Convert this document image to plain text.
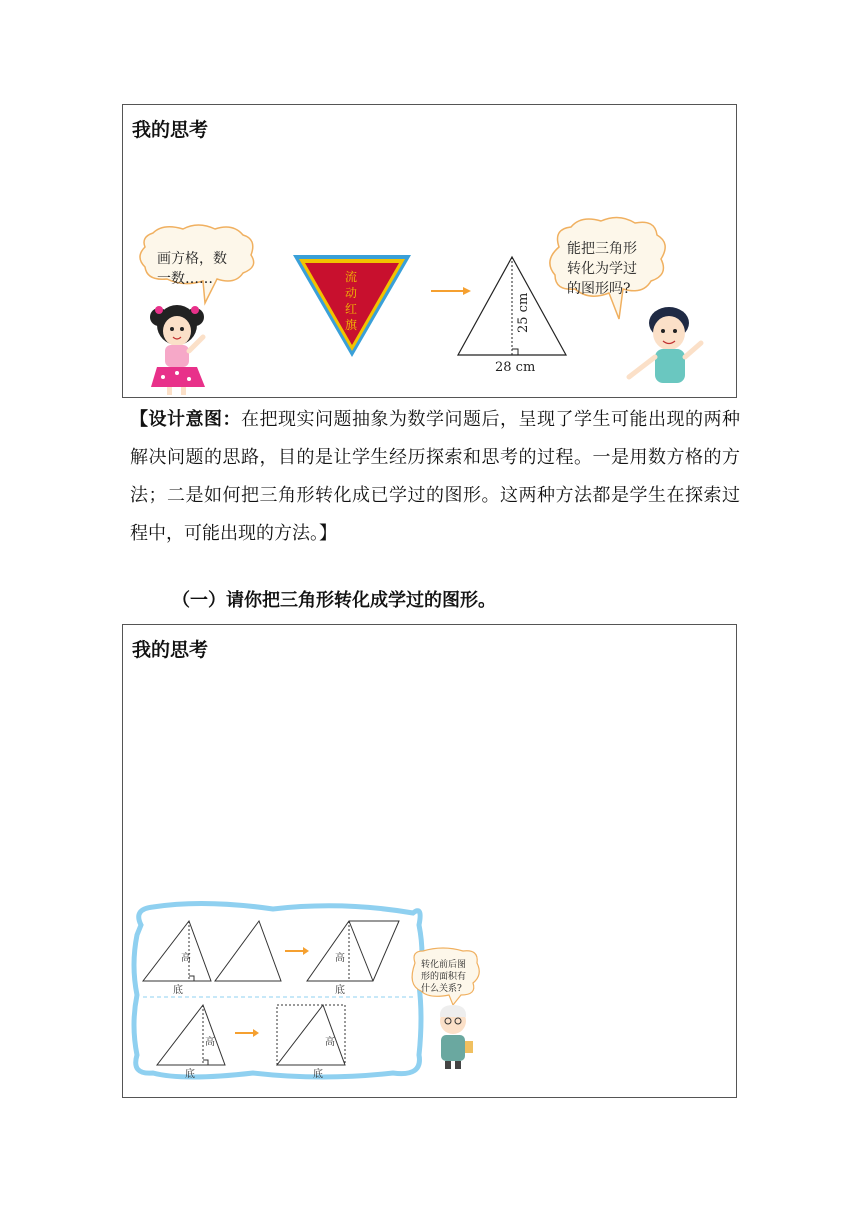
我的思考
画方格，数
一数……	流
动
红
旗	25 cm
28 cm
能把三角形
转化为学过
的图形吗?
【设计意图：在把现实问题抽象为数学问题后，呈现了学生可能出现的两种解决问题的思路，目的是让学生经历探索和思考的过程。一是用数方格的方法；二是如何把三角形转化成已学过的图形。这两种方法都是学生在探索过程中，可能出现的方法。】
（一）请你把三角形转化成学过的图形。
我的思考
高
底
高
底
高
底
高
底
转化前后图
形的面积有
什么关系?
